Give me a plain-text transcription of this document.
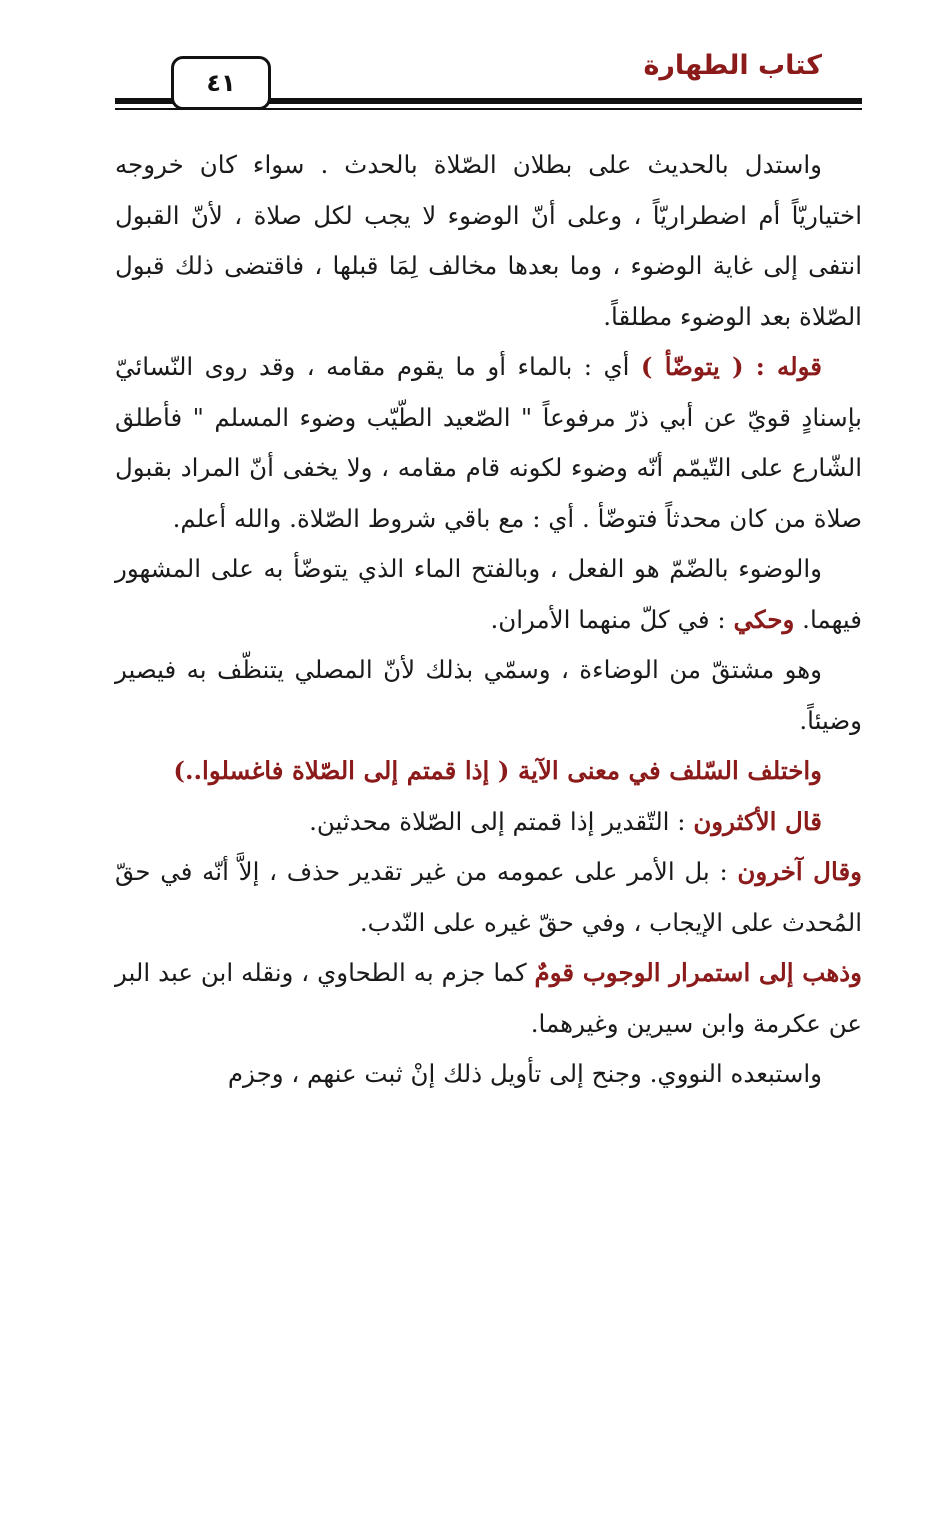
كتاب الطهارة
٤١

واستدل بالحديث على بطلان الصّلاة بالحدث . سواء كان خروجه اختياريّاً أم اضطراريّاً ، وعلى أنّ الوضوء لا يجب لكل صلاة ، لأنّ القبول انتفى إلى غاية الوضوء ، وما بعدها مخالف لِمَا قبلها ، فاقتضى ذلك قبول الصّلاة بعد الوضوء مطلقاً.

قوله : ( يتوضّأ ) أي : بالماء أو ما يقوم مقامه ، وقد روى النّسائيّ بإسنادٍ قويّ عن أبي ذرّ مرفوعاً " الصّعيد الطّيّب وضوء المسلم " فأطلق الشّارع على التّيمّم أنّه وضوء لكونه قام مقامه ، ولا يخفى أنّ المراد بقبول صلاة من كان محدثاً فتوضّأ . أي : مع باقي شروط الصّلاة. والله أعلم.

والوضوء بالضّمّ هو الفعل ، وبالفتح الماء الذي يتوضّأ به على المشهور فيهما. وحكي : في كلّ منهما الأمران.

وهو مشتقّ من الوضاءة ، وسمّي بذلك لأنّ المصلي يتنظّف به فيصير وضيئاً.

واختلف السّلف في معنى الآية ( إذا قمتم إلى الصّلاة فاغسلوا..)

قال الأكثرون : التّقدير إذا قمتم إلى الصّلاة محدثين.

وقال آخرون : بل الأمر على عمومه من غير تقدير حذف ، إلاَّ أنّه في حقّ المُحدث على الإيجاب ، وفي حقّ غيره على النّدب.

وذهب إلى استمرار الوجوب قومٌ كما جزم به الطحاوي ، ونقله ابن عبد البر عن عكرمة وابن سيرين وغيرهما.

واستبعده النووي. وجنح إلى تأويل ذلك إنْ ثبت عنهم ، وجزم
